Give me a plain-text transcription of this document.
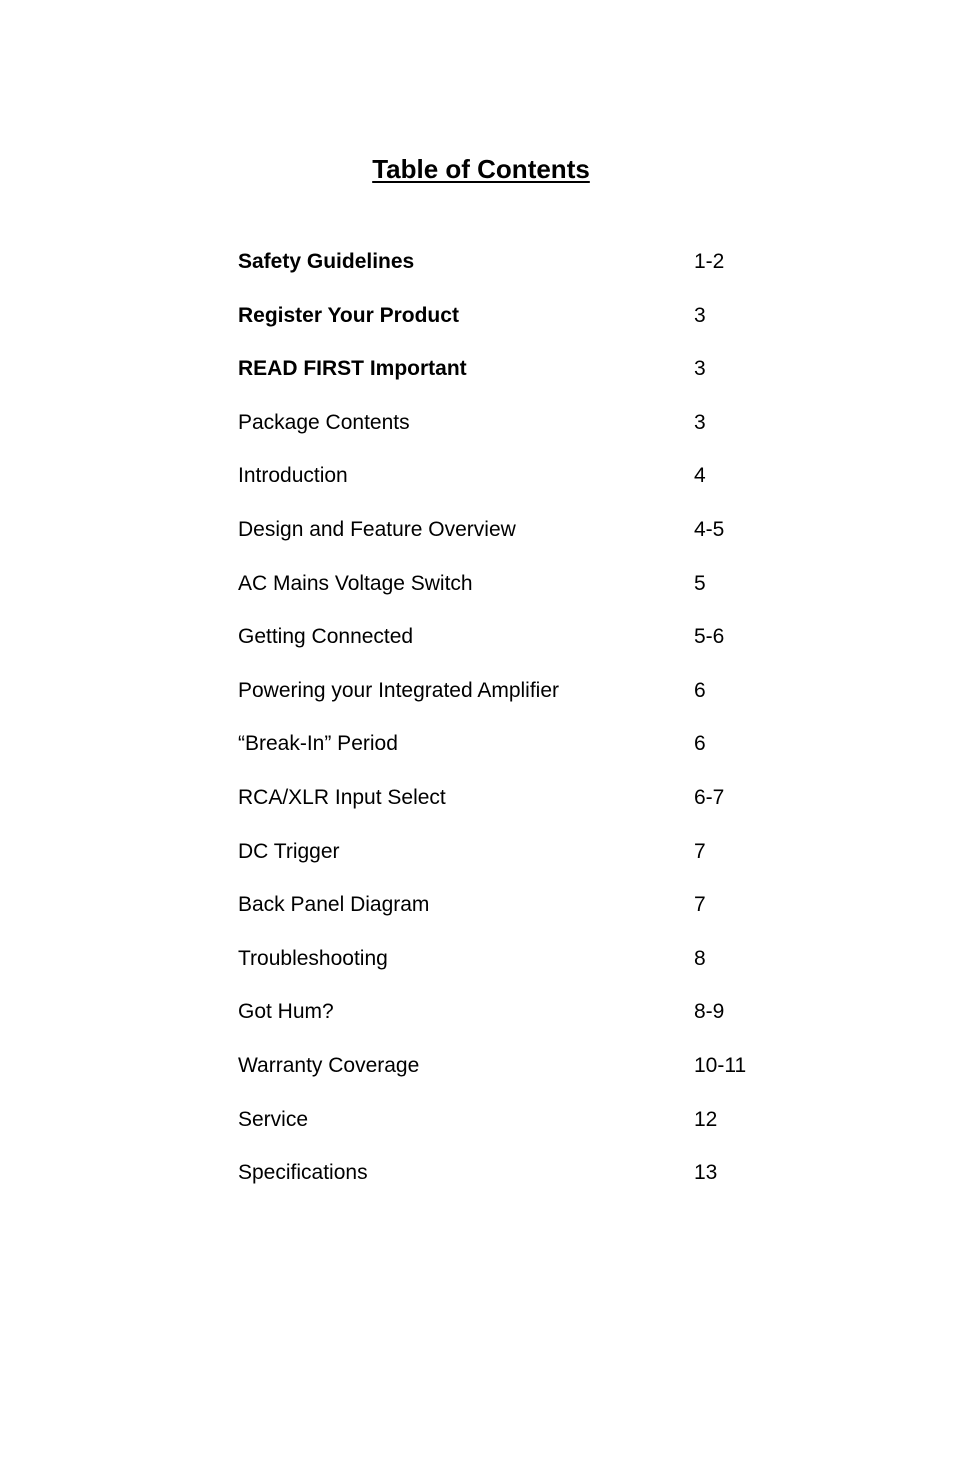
Table of Contents
Safety Guidelines	1-2
Register Your Product	3
READ FIRST Important	3
Package Contents	3
Introduction	4
Design and Feature Overview	4-5
AC Mains Voltage Switch	5
Getting Connected	5-6
Powering your Integrated Amplifier	6
“Break-In” Period	6
RCA/XLR Input Select	6-7
DC Trigger	7
Back Panel Diagram	7
Troubleshooting	8
Got Hum?	8-9
Warranty Coverage	10-11
Service	12
Specifications	13
